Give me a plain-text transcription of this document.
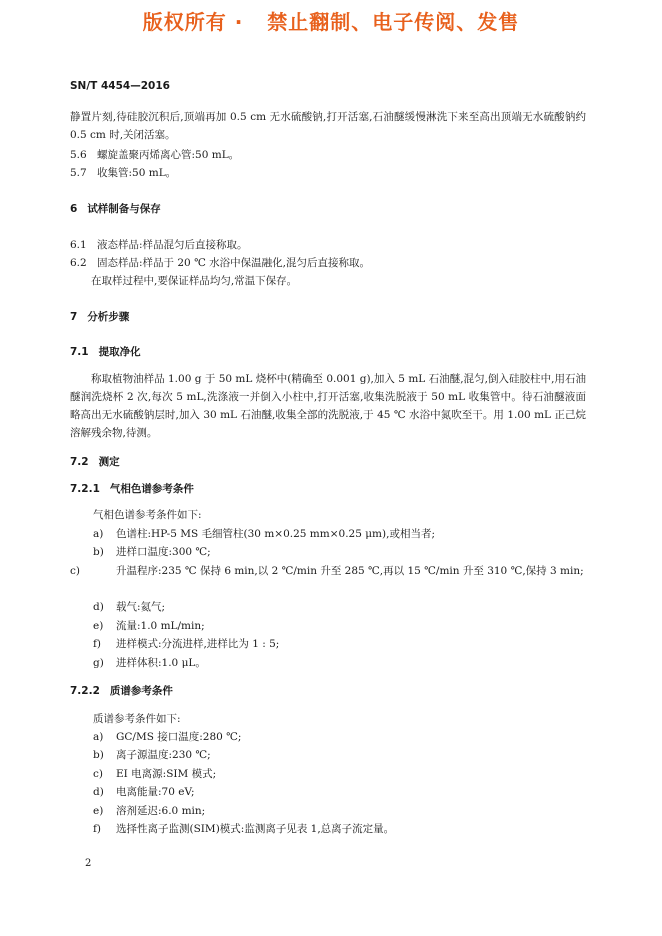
版权所有 ·   禁止翻制、电子传阅、发售
SN/T 4454—2016
静置片刻,待硅胶沉积后,顶端再加 0.5 cm 无水硫酸钠,打开活塞,石油醚缓慢淋洗下来至高出顶端无水硫酸钠约 0.5 cm 时,关闭活塞。
5.6 螺旋盖聚丙烯离心管:50 mL。
5.7 收集管:50 mL。
6 试样制备与保存
6.1 液态样品:样品混匀后直接称取。
6.2 固态样品:样品于 20 ℃ 水浴中保温融化,混匀后直接称取。
在取样过程中,要保证样品均匀,常温下保存。
7 分析步骤
7.1 提取净化
称取植物油样品 1.00 g 于 50 mL 烧杯中(精确至 0.001 g),加入 5 mL 石油醚,混匀,倒入硅胶柱中,用石油醚润洗烧杯 2 次,每次 5 mL,洗涤液一并倒入小柱中,打开活塞,收集洗脱液于 50 mL 收集管中。待石油醚液面略高出无水硫酸钠层时,加入 30 mL 石油醚,收集全部的洗脱液,于 45 ℃ 水浴中氮吹至干。用 1.00 mL 正己烷溶解残余物,待测。
7.2 测定
7.2.1 气相色谱参考条件
气相色谱参考条件如下:
a) 色谱柱:HP-5 MS 毛细管柱(30 m×0.25 mm×0.25 μm),或相当者;
b) 进样口温度:300 ℃;
c)	升温程序:235 ℃ 保持 6 min,以 2 ℃/min 升至 285 ℃,再以 15 ℃/min 升至 310 ℃,保持 3 min;
d) 载气:氦气;
e) 流量:1.0 mL/min;
f) 进样模式:分流进样,进样比为 1 : 5;
g) 进样体积:1.0 μL。
7.2.2 质谱参考条件
质谱参考条件如下:
a) GC/MS 接口温度:280 ℃;
b) 离子源温度:230 ℃;
c) EI 电离源:SIM 模式;
d) 电离能量:70 eV;
e) 溶剂延迟:6.0 min;
f) 选择性离子监测(SIM)模式:监测离子见表 1,总离子流定量。
2
